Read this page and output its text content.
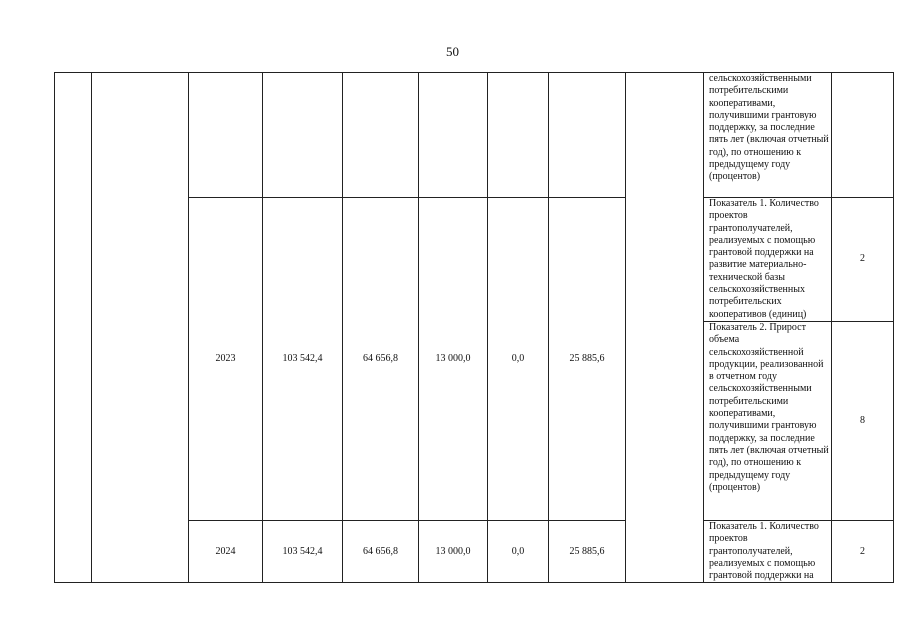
50
									сельскохозяйственными потребительскими кооперативами, получившими грантовую поддержку, за последние пять лет (включая отчетный год), по отношению к предыдущему году (процентов)	
		2023	103 542,4	64 656,8	13 000,0	0,0	25 885,6		Показатель 1. Количество проектов грантополучателей, реализуемых с помощью грантовой поддержки на развитие материально-технической базы сельскохозяйственных потребительских кооперативов (единиц)	2
									Показатель 2. Прирост объема сельскохозяйственной продукции, реализованной в отчетном году сельскохозяйственными потребительскими кооперативами, получившими грантовую поддержку, за последние пять лет (включая отчетный год), по отношению к предыдущему году (процентов)	8
		2024	103 542,4	64 656,8	13 000,0	0,0	25 885,6		Показатель 1. Количество проектов грантополучателей, реализуемых с помощью грантовой поддержки на	2
